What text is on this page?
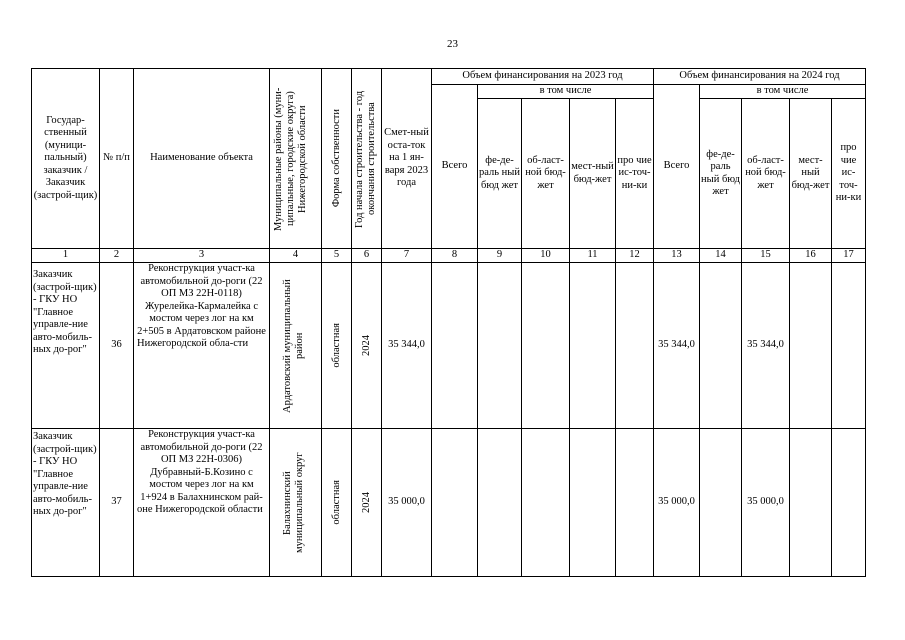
23
Государ-ственный (муници-пальный) заказчик / Заказчик (застрой-щик)	№ п/п	Наименование объекта	Муниципальные районы (муни-ципальные, городские округа) Нижегородской области	Форма собственности	Год начала строительства - год окончания строительства	Смет-ный оста-ток на 1 ян-варя 2023 года	Объем финансирования на 2023 год					Объем финансирования на 2024 год				
							Всего	в том числе				Всего	в том числе			
								фе-де-раль ный бюд жет	об-ласт-ной бюд-жет	мест-ный бюд-жет	про чие ис-точ-ни-ки		фе-де-раль ный бюд жет	об-ласт-ной бюд-жет	мест-ный бюд-жет	про чие ис-точ-ни-ки
1	2	3	4	5	6	7	8	9	10	11	12	13	14	15	16	17
Заказчик (застрой-щик) - ГКУ НО "Главное управле-ние авто-мобиль-ных до-рог"	36	Реконструкция участ-ка автомобильной до-роги (22 ОП МЗ 22Н-0118) Журелейка-Кармалейка с мостом через лог на км 2+505 в Ардатовском районе Нижегородской обла-сти	Ардатовский муниципальный район	областная	2024	35 344,0						35 344,0		35 344,0		
Заказчик (застрой-щик) - ГКУ НО "Главное управле-ние авто-мобиль-ных до-рог"	37	Реконструкция участ-ка автомобильной до-роги (22 ОП МЗ 22Н-0306) Дубравный-Б.Козино с мостом через лог на км 1+924 в Балахнинском рай-оне Нижегородской области	Балахнинский муниципальный округ	областная	2024	35 000,0						35 000,0		35 000,0		
